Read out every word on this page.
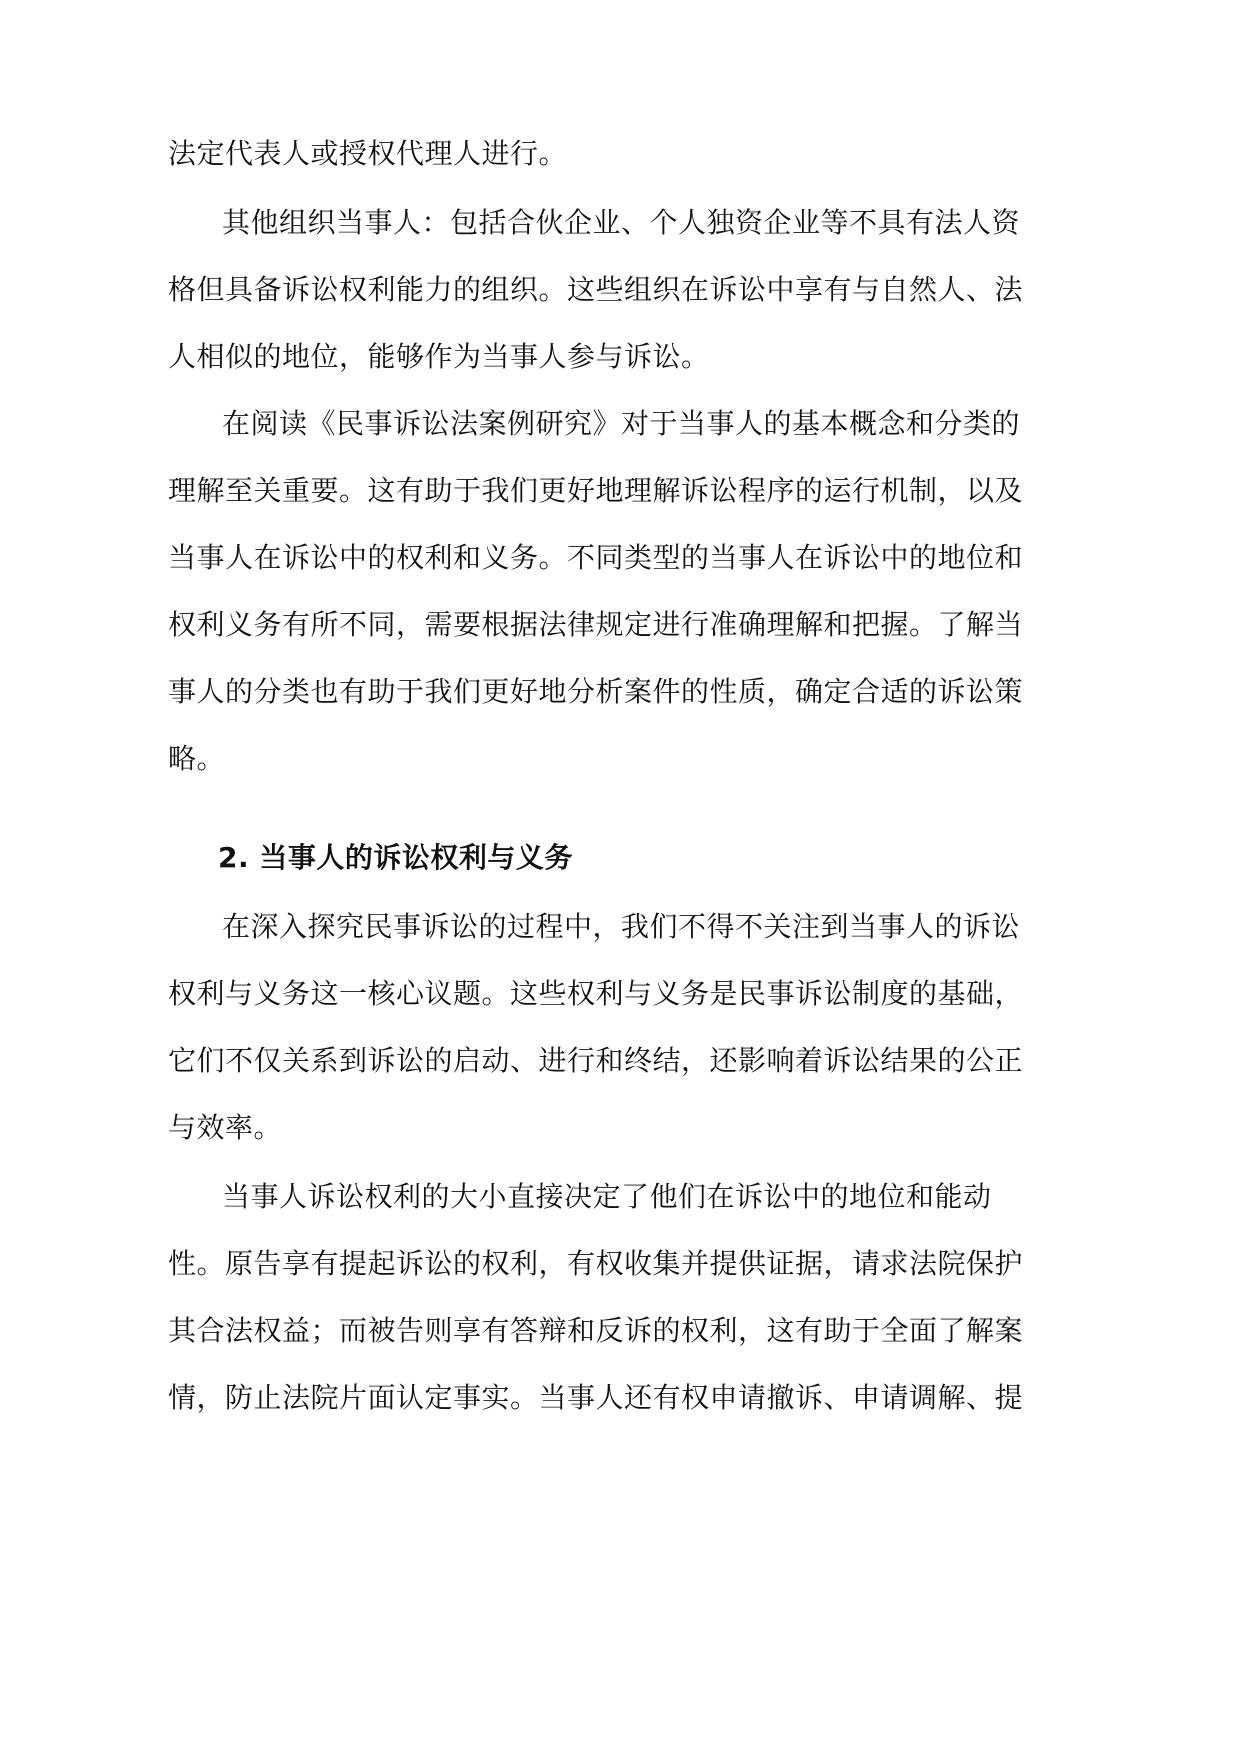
法定代表人或授权代理人进行。
其他组织当事人：包括合伙企业、个人独资企业等不具有法人资
格但具备诉讼权利能力的组织。这些组织在诉讼中享有与自然人、法
人相似的地位，能够作为当事人参与诉讼。
在阅读《民事诉讼法案例研究》对于当事人的基本概念和分类的
理解至关重要。这有助于我们更好地理解诉讼程序的运行机制，以及
当事人在诉讼中的权利和义务。不同类型的当事人在诉讼中的地位和
权利义务有所不同，需要根据法律规定进行准确理解和把握。了解当
事人的分类也有助于我们更好地分析案件的性质，确定合适的诉讼策
略。
2. 当事人的诉讼权利与义务
在深入探究民事诉讼的过程中，我们不得不关注到当事人的诉讼
权利与义务这一核心议题。这些权利与义务是民事诉讼制度的基础，
它们不仅关系到诉讼的启动、进行和终结，还影响着诉讼结果的公正
与效率。
当事人诉讼权利的大小直接决定了他们在诉讼中的地位和能动
性。原告享有提起诉讼的权利，有权收集并提供证据，请求法院保护
其合法权益；而被告则享有答辩和反诉的权利，这有助于全面了解案
情，防止法院片面认定事实。当事人还有权申请撤诉、申请调解、提
